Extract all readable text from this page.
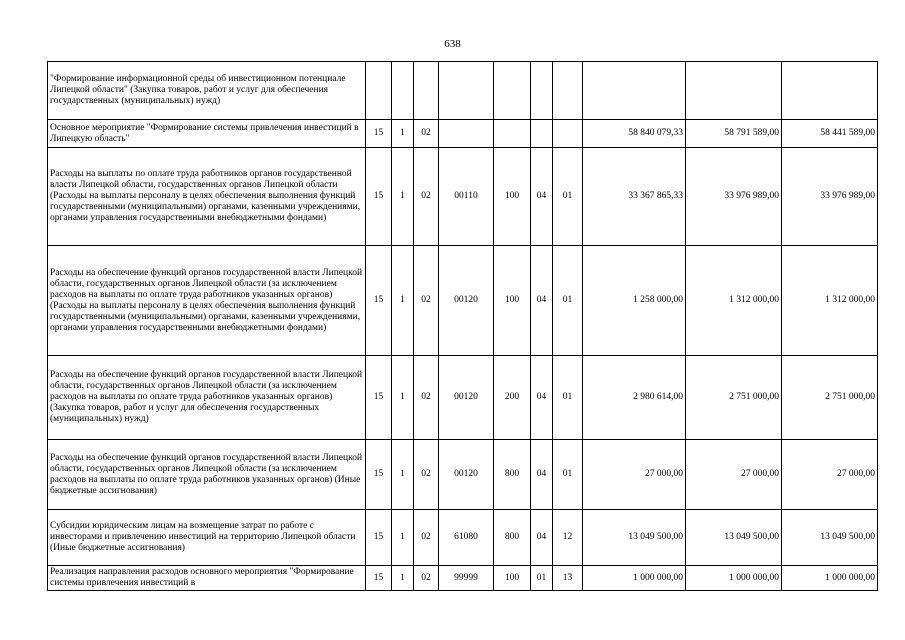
638
"Формирование информационной среды об инвестиционном потенциале Липецкой области" (Закупка товаров, работ и услуг для обеспечения государственных (муниципальных) нужд)										
Основное мероприятие "Формирование системы привлечения инвестиций в Липецкую область"	15	1	02					58 840 079,33	58 791 589,00	58 441 589,00
Расходы на выплаты по оплате труда работников органов государственной власти Липецкой области, государственных органов Липецкой области (Расходы на выплаты персоналу в целях обеспечения выполнения функций государственными (муниципальными) органами, казенными учреждениями, органами управления государственными внебюджетными фондами)	15	1	02	00110	100	04	01	33 367 865,33	33 976 989,00	33 976 989,00
Расходы на обеспечение функций органов государственной власти Липецкой области, государственных органов Липецкой области (за исключением расходов на выплаты по оплате труда работников указанных органов) (Расходы на выплаты персоналу в целях обеспечения выполнения функций государственными (муниципальными) органами, казенными учреждениями, органами управления государственными внебюджетными фондами)	15	1	02	00120	100	04	01	1 258 000,00	1 312 000,00	1 312 000,00
Расходы на обеспечение функций органов государственной власти Липецкой области, государственных органов Липецкой области (за исключением расходов на выплаты по оплате труда работников указанных органов) (Закупка товаров, работ и услуг для обеспечения государственных (муниципальных) нужд)	15	1	02	00120	200	04	01	2 980 614,00	2 751 000,00	2 751 000,00
Расходы на обеспечение функций органов государственной власти Липецкой области, государственных органов Липецкой области (за исключением расходов на выплаты по оплате труда работников указанных органов) (Иные бюджетные ассигнования)	15	1	02	00120	800	04	01	27 000,00	27 000,00	27 000,00
Субсидии юридическим лицам на возмещение затрат по работе с инвесторами и привлечению инвестиций на территорию Липецкой области (Иные бюджетные ассигнования)	15	1	02	61080	800	04	12	13 049 500,00	13 049 500,00	13 049 500,00
Реализация направления расходов основного мероприятия "Формирование системы привлечения инвестиций в	15	1	02	99999	100	01	13	1 000 000,00	1 000 000,00	1 000 000,00
